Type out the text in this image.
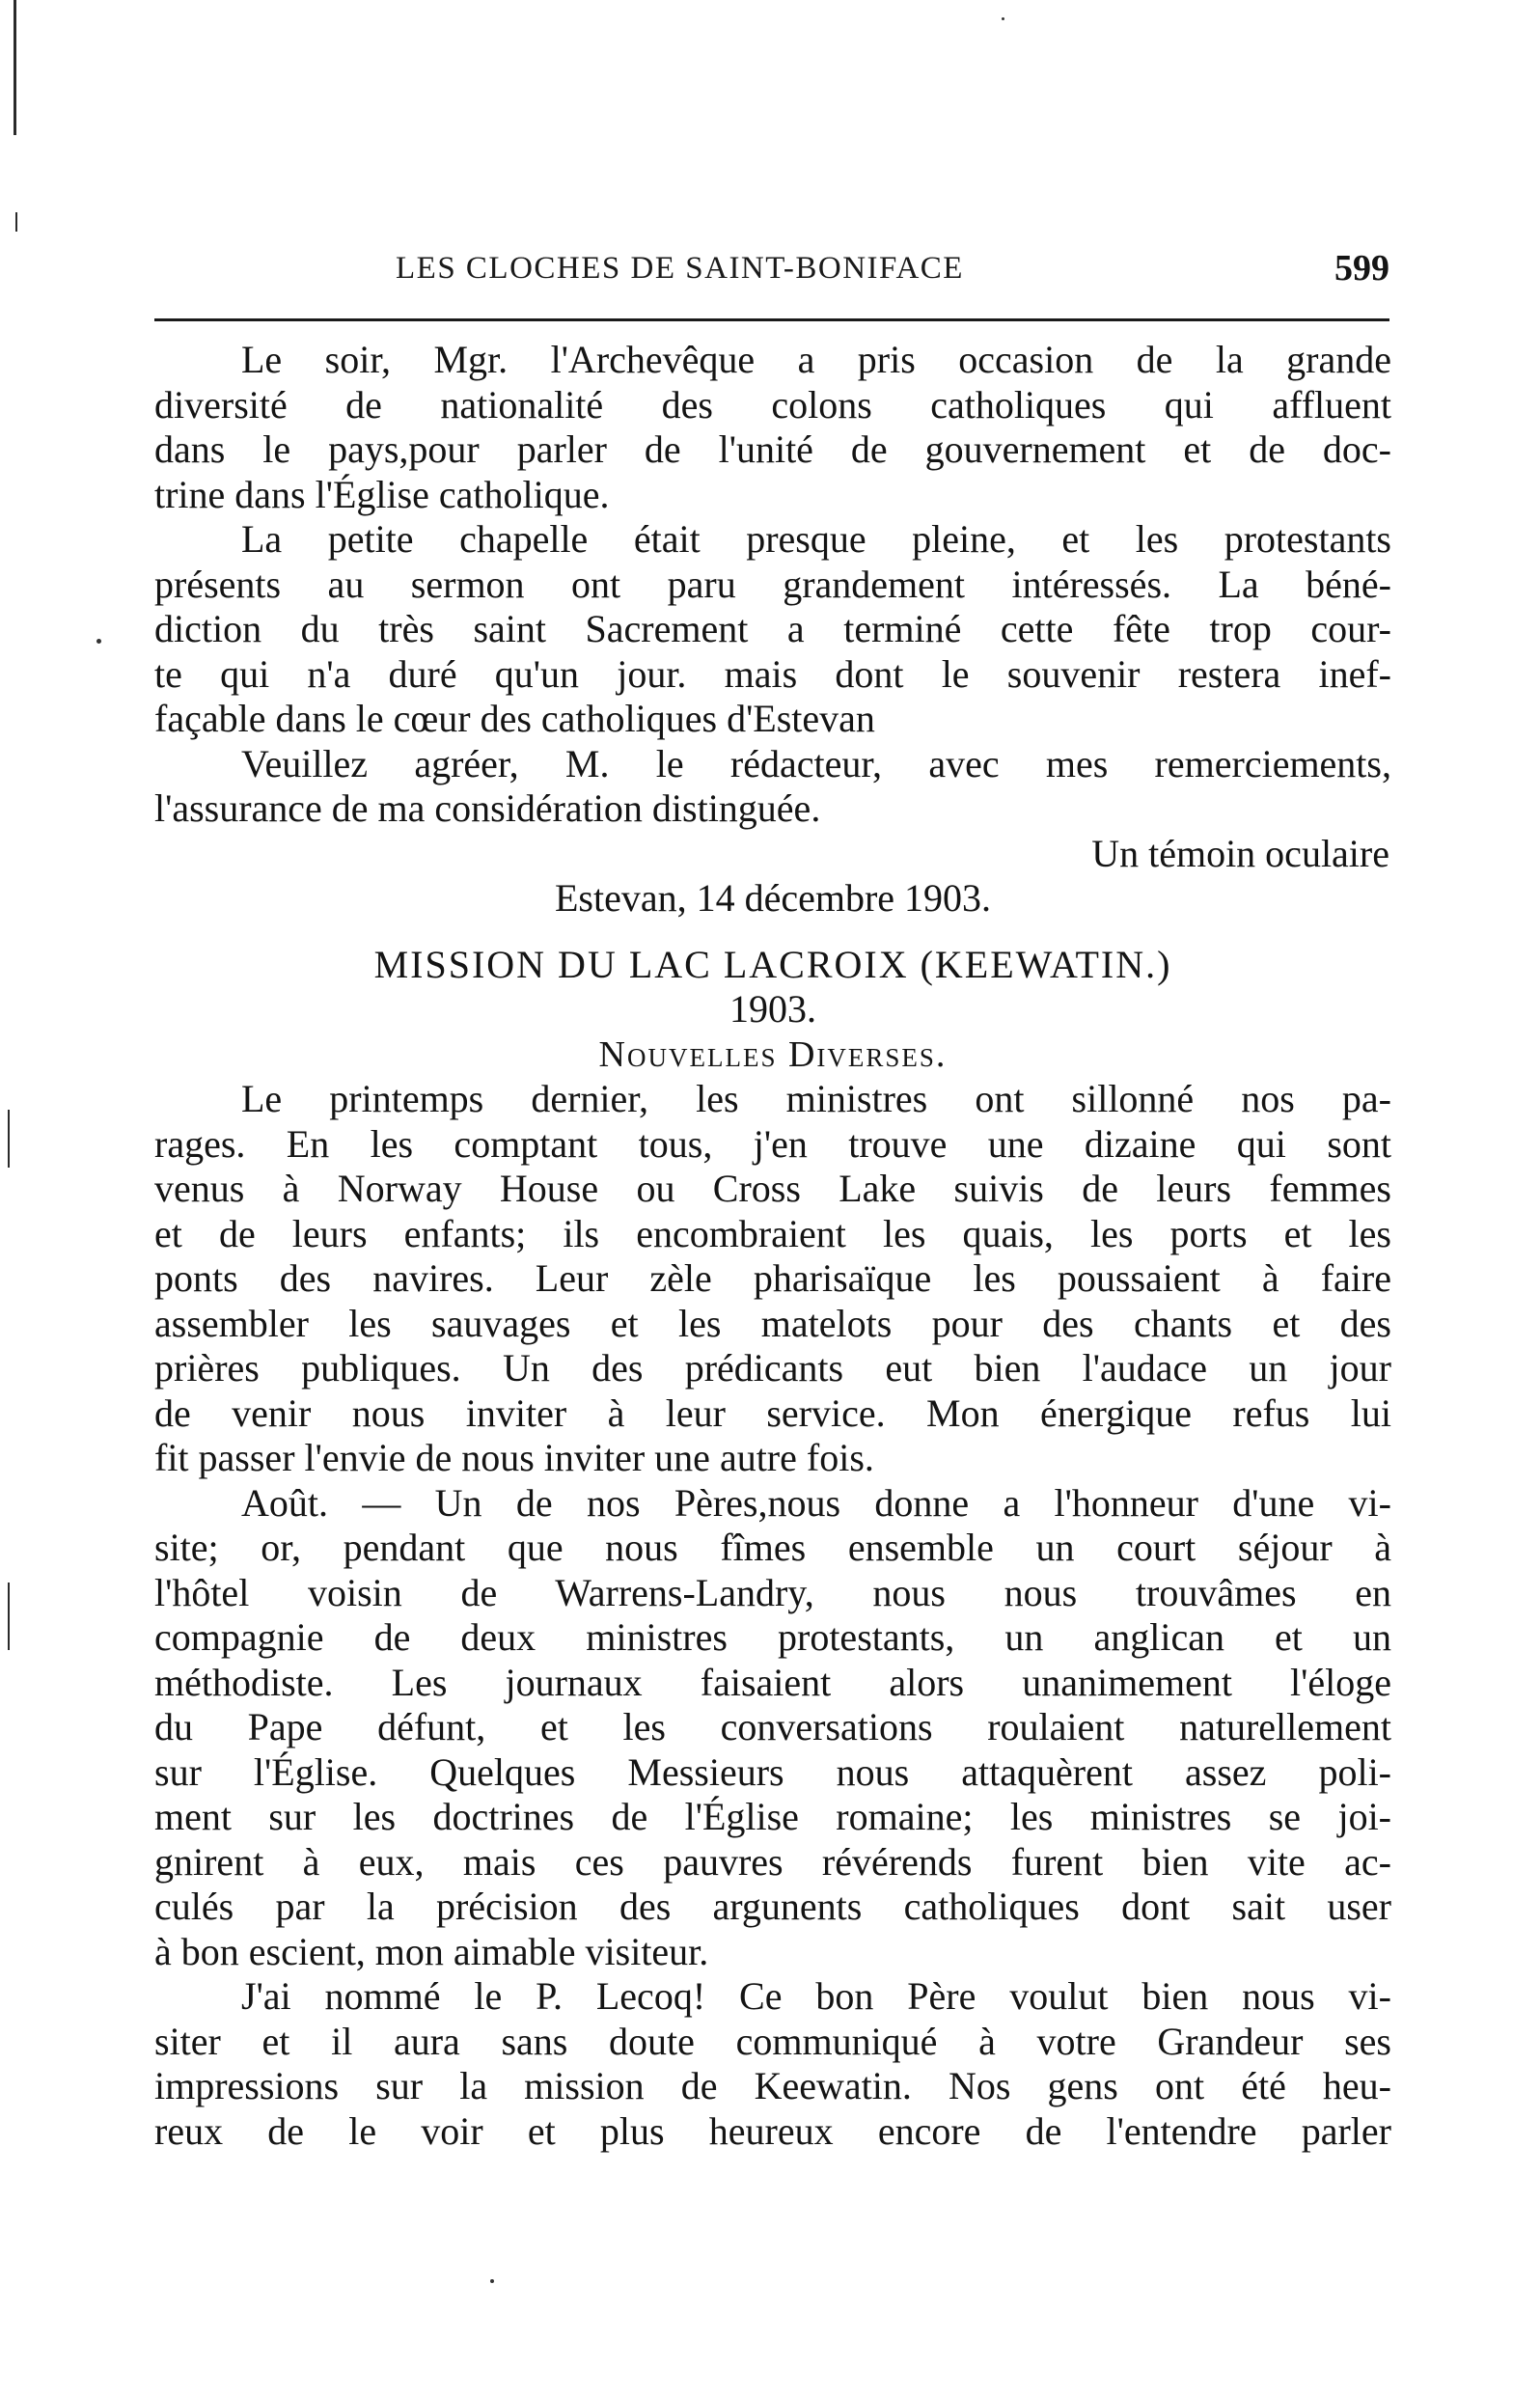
LES CLOCHES DE SAINT-BONIFACE	599
Le soir, Mgr. l'Archevêque a pris occasion de la grande
diversité de nationalité des colons catholiques qui affluent
dans le pays,pour parler de l'unité de gouvernement et de doc-
trine dans l'Église catholique.
La petite chapelle était presque pleine, et les protestants
présents au sermon ont paru grandement intéressés. La béné-
diction du très saint Sacrement a terminé cette fête trop cour-
te qui n'a duré qu'un jour. mais dont le souvenir restera inef-
façable dans le cœur des catholiques d'Estevan
Veuillez agréer, M. le rédacteur, avec mes remerciements,
l'assurance de ma considération distinguée.
Un témoin oculaire
Estevan, 14 décembre 1903.
MISSION DU LAC LACROIX (KEEWATIN.)
1903.
Nouvelles Diverses.
Le printemps dernier, les ministres ont sillonné nos pa-
rages. En les comptant tous, j'en trouve une dizaine qui sont
venus à Norway House ou Cross Lake suivis de leurs femmes
et de leurs enfants; ils encombraient les quais, les ports et les
ponts des navires. Leur zèle pharisaïque les poussaient à faire
assembler les sauvages et les matelots pour des chants et des
prières publiques. Un des prédicants eut bien l'audace un jour
de venir nous inviter à leur service. Mon énergique refus lui
fit passer l'envie de nous inviter une autre fois.
Août. — Un de nos Pères,nous donne a l'honneur d'une vi-
site; or, pendant que nous fîmes ensemble un court séjour à
l'hôtel voisin de Warrens-Landry, nous nous trouvâmes en
compagnie de deux ministres protestants, un anglican et un
méthodiste. Les journaux faisaient alors unanimement l'éloge
du Pape défunt, et les conversations roulaient naturellement
sur l'Église. Quelques Messieurs nous attaquèrent assez poli-
ment sur les doctrines de l'Église romaine; les ministres se joi-
gnirent à eux, mais ces pauvres révérends furent bien vite ac-
culés par la précision des argunents catholiques dont sait user
à bon escient, mon aimable visiteur.
J'ai nommé le P. Lecoq! Ce bon Père voulut bien nous vi-
siter et il aura sans doute communiqué à votre Grandeur ses
impressions sur la mission de Keewatin. Nos gens ont été heu-
reux de le voir et plus heureux encore de l'entendre parler
